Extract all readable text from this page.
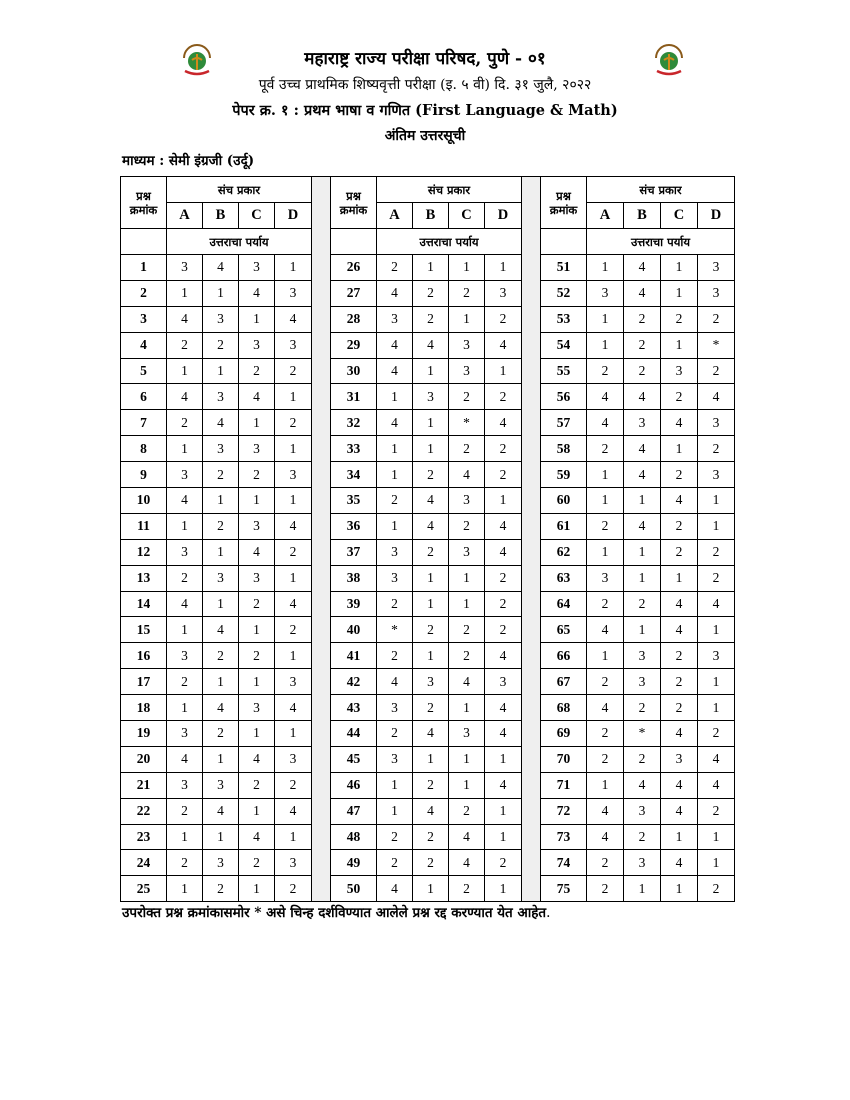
महाराष्ट्र राज्य परीक्षा परिषद, पुणे - ०१
पूर्व उच्च प्राथमिक शिष्यवृत्ती परीक्षा (इ. ५ वी) दि. ३१ जुलै, २०२२
पेपर क्र. १ : प्रथम भाषा व गणित (First Language & Math)
अंतिम उत्तरसूची
माध्यम : सेमी इंग्रजी (उर्दू)
प्रश्न क्रमांक	संच प्रकार					प्रश्न क्रमांक	संच प्रकार					प्रश्न क्रमांक	संच प्रकार			
	A	B	C	D			A	B	C	D			A	B	C	D
	उत्तराचा पर्याय						उत्तराचा पर्याय						उत्तराचा पर्याय			
1	3	4	3	1		26	2	1	1	1		51	1	4	1	3
2	1	1	4	3		27	4	2	2	3		52	3	4	1	3
3	4	3	1	4		28	3	2	1	2		53	1	2	2	2
4	2	2	3	3		29	4	4	3	4		54	1	2	1	*
5	1	1	2	2		30	4	1	3	1		55	2	2	3	2
6	4	3	4	1		31	1	3	2	2		56	4	4	2	4
7	2	4	1	2		32	4	1	*	4		57	4	3	4	3
8	1	3	3	1		33	1	1	2	2		58	2	4	1	2
9	3	2	2	3		34	1	2	4	2		59	1	4	2	3
10	4	1	1	1		35	2	4	3	1		60	1	1	4	1
11	1	2	3	4		36	1	4	2	4		61	2	4	2	1
12	3	1	4	2		37	3	2	3	4		62	1	1	2	2
13	2	3	3	1		38	3	1	1	2		63	3	1	1	2
14	4	1	2	4		39	2	1	1	2		64	2	2	4	4
15	1	4	1	2		40	*	2	2	2		65	4	1	4	1
16	3	2	2	1		41	2	1	2	4		66	1	3	2	3
17	2	1	1	3		42	4	3	4	3		67	2	3	2	1
18	1	4	3	4		43	3	2	1	4		68	4	2	2	1
19	3	2	1	1		44	2	4	3	4		69	2	*	4	2
20	4	1	4	3		45	3	1	1	1		70	2	2	3	4
21	3	3	2	2		46	1	2	1	4		71	1	4	4	4
22	2	4	1	4		47	1	4	2	1		72	4	3	4	2
23	1	1	4	1		48	2	2	4	1		73	4	2	1	1
24	2	3	2	3		49	2	2	4	2		74	2	3	4	1
25	1	2	1	2		50	4	1	2	1		75	2	1	1	2
उपरोक्त प्रश्न क्रमांकासमोर * असे चिन्ह दर्शविण्यात आलेले प्रश्न रद्द करण्यात येत आहेत.
